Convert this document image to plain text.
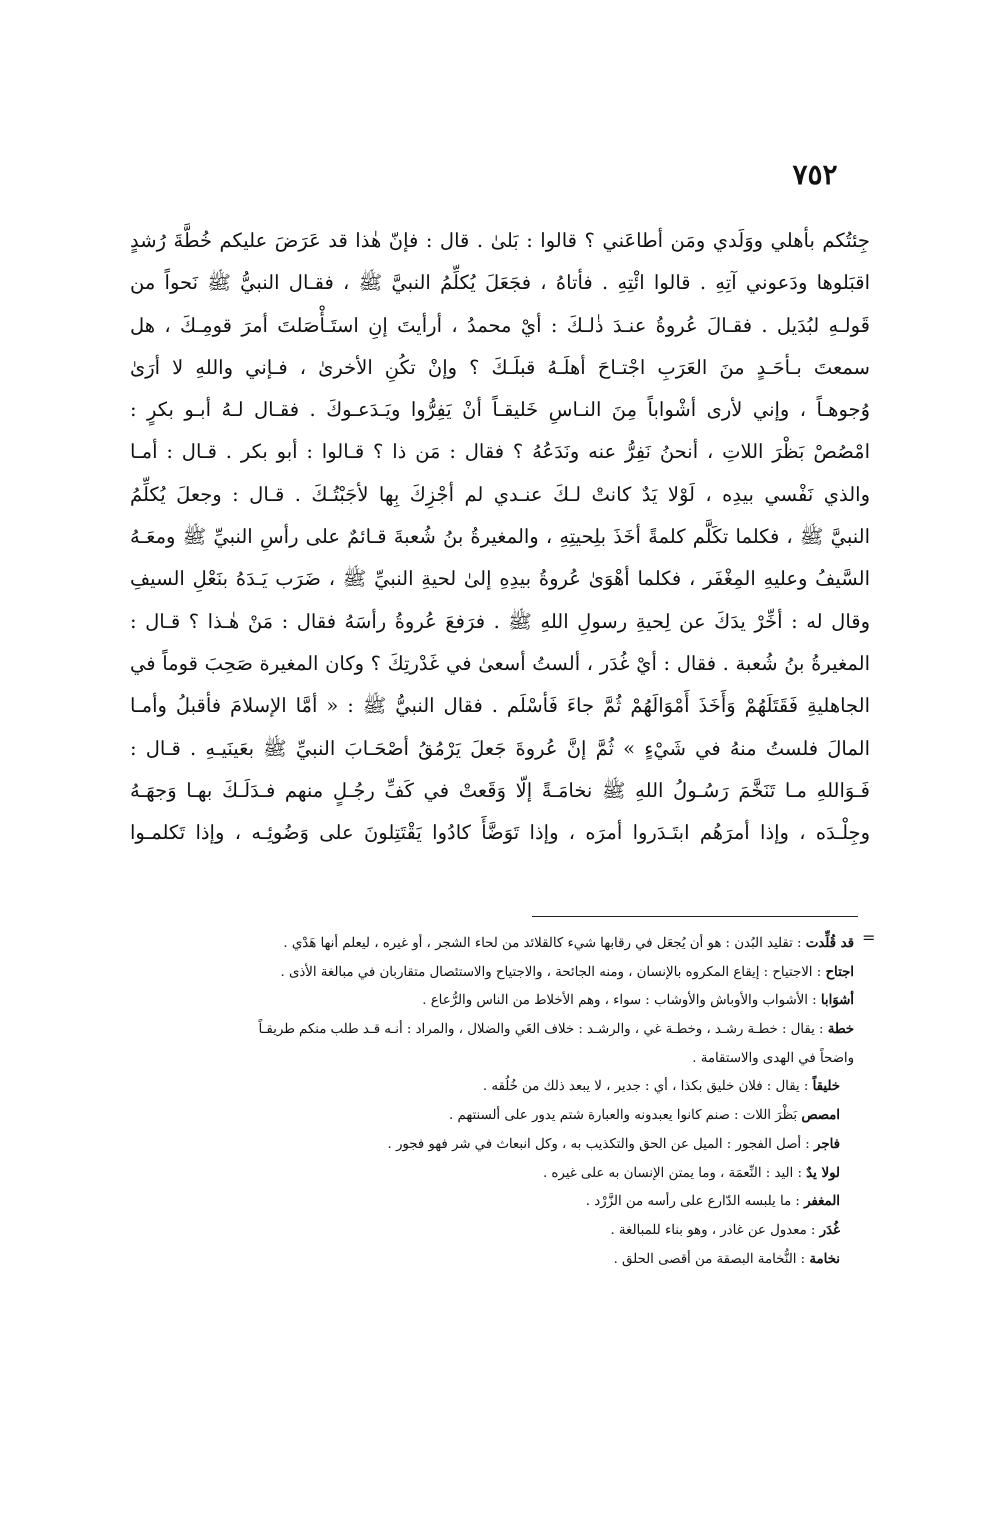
٧٥٢
جِئتُكم بأهلي ووَلَدي ومَن أطاعَني ؟ قالوا : بَلىٰ . قال : فإنّ هٰذا قد عَرَضَ عليكم خُطَّةَ رُشدٍ
اقبَلوها ودَعوني آتِهِ . قالوا ائْتِهِ . فأتاهُ ، فجَعَلَ يُكلِّمُ النبيَّ ﷺ ، فقـال النبيُّ ﷺ نَحواً من
قَولـهِ لبُدَيل . فقـالَ عُروةُ عنـدَ ذٰلـكَ : أيْ محمدُ ، أرأيتَ إنِ استَـأْصَلتَ أمرَ قومِـكَ ، هل
سمعتَ بـأحَـدٍ منَ العَرَبِ اجْتـاحَ أهلَـهُ قبلَـكَ ؟ وإنْ تكُنِ الأخرىٰ ، فـإني واللهِ لا أرَىٰ
وُجوهـاً ، وإني لأرى أشْواباً مِنَ النـاسِ خَليقـاً أنْ يَفِرُّوا ويَـدَعـوكَ . فقـال لـهُ أبـو بكرٍ :
امْصُصْ بَظْرَ اللاتِ ، أنحنُ نَفِرُّ عنه ونَدَعُهُ ؟ فقال : مَن ذا ؟ قـالوا : أبو بكر . قـال : أمـا
والذي نَفْسي بيدِه ، لَوْلا يَدٌ كانتْ لـكَ عنـدي لم أجْزِكَ بِها لأجَبْتُـكَ . قـال : وجعلَ يُكلِّمُ
النبيَّ ﷺ ، فكلما تكَلَّم كلمةً أخَذَ بلِحيتِهِ ، والمغيرةُ بنُ شُعبةَ قـائمٌ على رأسِ النبيِّ ﷺ ومعَـهُ
السَّيفُ وعليهِ المِغْفَر ، فكلما أهْوَىٰ عُروةُ بيدِهِ إلىٰ لحيةِ النبيِّ ﷺ ، ضَرَب يَـدَهُ بنَعْلِ السيفِ
وقال له : أخِّرْ يدَكَ عن لِحيةِ رسولِ اللهِ ﷺ . فرَفعَ عُروةُ رأسَهُ فقال : مَنْ هٰـذا ؟ قـال :
المغيرةُ بنُ شُعبة . فقال : أيْ غُدَر ، ألستُ أسعىٰ في غَدْرتِكَ ؟ وكان المغيرة صَحِبَ قوماً في
الجاهليةِ فَقَتَلَهُمْ وَأَخَذَ أَمْوَالَهُمْ ثُمَّ جاءَ فَأسْلَم . فقال النبيُّ ﷺ : « أمَّا الإسلامَ فأقبلُ وأمـا
المالَ فلستُ منهُ في شَيْءٍ » ثُمَّ إنَّ عُروةَ جَعلَ يَرْمُقُ أصْحَـابَ النبيِّ ﷺ بعَينَيـهِ . قـال :
فَـوَاللهِ مـا تَنَخَّمَ رَسُـولُ اللهِ ﷺ نخامَـةً إلّا وَقَعتْ في كَفِّ رجُـلٍ منهم فـدَلَـكَ بهـا وَجهَـهُ
وجِلْـدَه ، وإذا أمرَهُم ابتَـدَروا أمرَه ، وإذا تَوَضَّأَ كادُوا يَقْتَتِلونَ على وَضُوئِـه ، وإذا تَكلمـوا
=
قد قُلِّدت : تقليد البُدن : هو أن يُجعَل في رقابها شيء كالقلائد من لحاء الشجر ، أو غيره ، ليعلم أنها هَدْي .
اجتاح : الاجتياح : إيقاع المكروه بالإنسان ، ومنه الجائحة ، والاجتياح والاستئصال متقاربان في مبالغة الأذى .
أشوَابا : الأشواب والأوباش والأوشاب : سواء ، وهم الأخلاط من الناس والرُّعاع .
خطة : يقال : خطـة رشـد ، وخطـة غي ، والرشـد : خلاف الغَي والضلال ، والمراد : أنـه قـد طلب منكم طريقـاً
واضحاً في الهدى والاستقامة .
خليقاً : يقال : فلان خليق بكذا ، أي : جدير ، لا يبعد ذلك من خُلُقه .
امصص بَظْرَ اللات : صنم كانوا يعبدونه والعبارة شتم يدور على ألسنتهم .
فاجر : أصل الفجور : الميل عن الحق والتكذيب به ، وكل انبعاث في شر فهو فجور .
لولا يدٌ : اليد : النِّعمَة ، وما يمتن الإنسان به على غيره .
المغفر : ما يلبسه الدّارع على رأسه من الزَّرْد .
غُدَر : معدول عن غادر ، وهو بناء للمبالغة .
نخامة : النُّخامة البصقة من أقصى الحلق .
